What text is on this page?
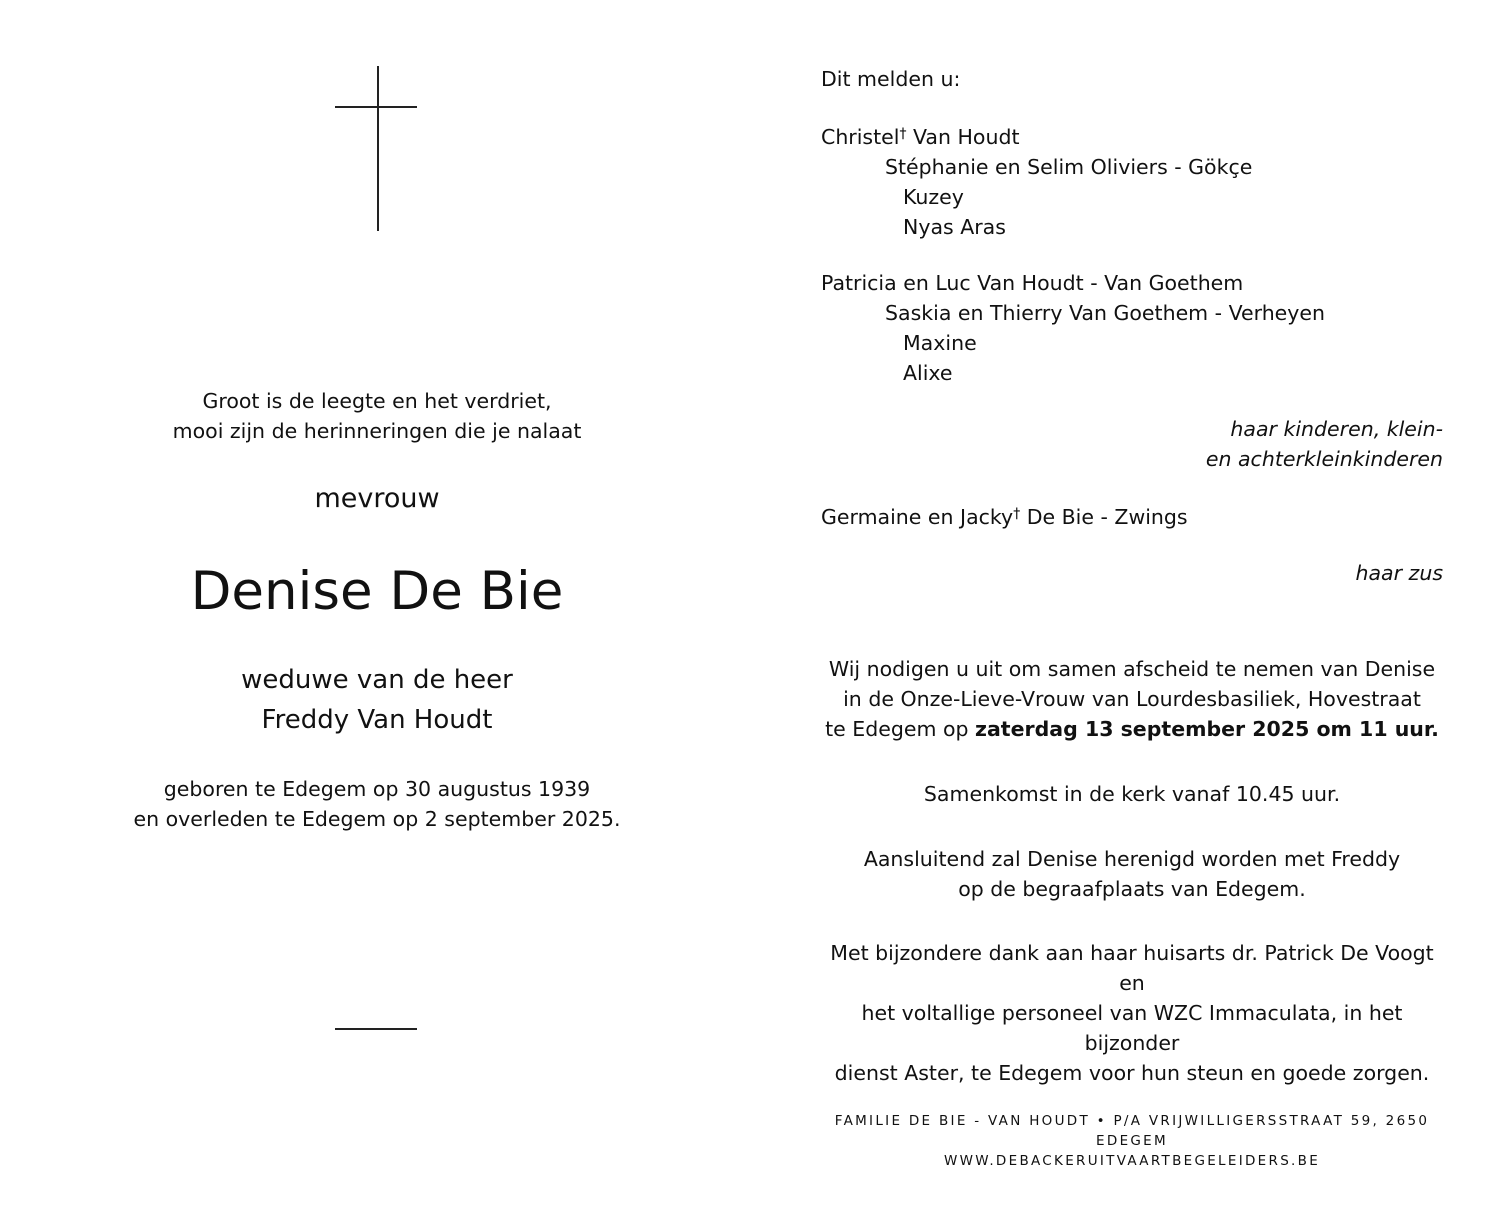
Groot is de leegte en het verdriet,
mooi zijn de herinneringen die je nalaat
mevrouw
Denise De Bie
weduwe van de heer
Freddy Van Houdt
geboren te Edegem op 30 augustus 1939
en overleden te Edegem op 2 september 2025.
Dit melden u:
Christel† Van Houdt
Stéphanie en Selim Oliviers - Gökçe
Kuzey
Nyas Aras
Patricia en Luc Van Houdt - Van Goethem
Saskia en Thierry Van Goethem - Verheyen
Maxine
Alixe
haar kinderen, klein-
en achterkleinkinderen
Germaine en Jacky† De Bie - Zwings
haar zus
Wij nodigen u uit om samen afscheid te nemen van Denise
in de Onze-Lieve-Vrouw van Lourdesbasiliek, Hovestraat
te Edegem op zaterdag 13 september 2025 om 11 uur.
Samenkomst in de kerk vanaf 10.45 uur.
Aansluitend zal Denise herenigd worden met Freddy
op de begraafplaats van Edegem.
Met bijzondere dank aan haar huisarts dr. Patrick De Voogt en
het voltallige personeel van WZC Immaculata, in het bijzonder
dienst Aster, te Edegem voor hun steun en goede zorgen.
FAMILIE DE BIE - VAN HOUDT • P/A VRIJWILLIGERSSTRAAT 59, 2650 EDEGEM
WWW.DEBACKERUITVAARTBEGELEIDERS.BE
